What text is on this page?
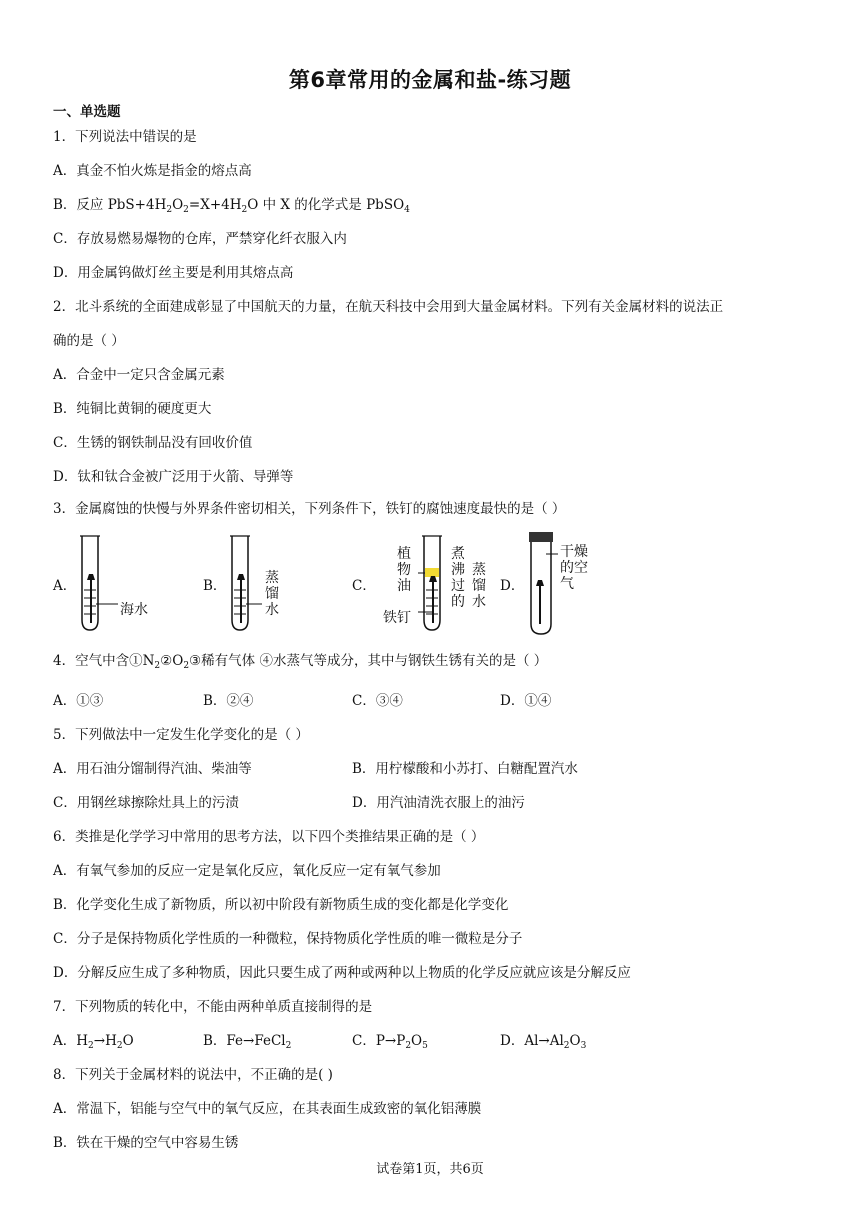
第6章常用的金属和盐-练习题
一、单选题
1．下列说法中错误的是
A．真金不怕火炼是指金的熔点高
B．反应 $PbS+4H_2O_2=X+4H_2O$ 中 X 的化学式是 PbSO$_4$
C．存放易燃易爆物的仓库，严禁穿化纤衣服入内
D．用金属钨做灯丝主要是利用其熔点高
2．北斗系统的全面建成彰显了中国航天的力量，在航天科技中会用到大量金属材料。下列有关金属材料的说法正
确的是（ ）
A．合金中一定只含金属元素
B．纯铜比黄铜的硬度更大
C．生锈的钢铁制品没有回收价值
D．钛和钛合金被广泛用于火箭、导弹等
3．金属腐蚀的快慢与外界条件密切相关，下列条件下，铁钉的腐蚀速度最快的是（ ）
A．	B．	C．	D．
海水
蒸
馏
水
植
物
油
铁钉
煮
沸
过
的
蒸
馏
水
干燥
的空
气
4．空气中含$①N_2②O_2③$稀有气体 ④水蒸气等成分，其中与钢铁生锈有关的是（ ）
A．①③	B．②④	C．③④	D．①④
5．下列做法中一定发生化学变化的是（ ）
A．用石油分馏制得汽油、柴油等	B．用柠檬酸和小苏打、白糖配置汽水
C．用钢丝球擦除灶具上的污渍	D．用汽油清洗衣服上的油污
6．类推是化学学习中常用的思考方法，以下四个类推结果正确的是（ ）
A．有氧气参加的反应一定是氧化反应，氧化反应一定有氧气参加
B．化学变化生成了新物质，所以初中阶段有新物质生成的变化都是化学变化
C．分子是保持物质化学性质的一种微粒，保持物质化学性质的唯一微粒是分子
D．分解反应生成了多种物质，因此只要生成了两种或两种以上物质的化学反应就应该是分解反应
7．下列物质的转化中，不能由两种单质直接制得的是
A．$H_2\to H_2O$	B．Fe→FeCl$_2$	C．$P\to P_2O_5$	D．$Al\to Al_2O_3$
8．下列关于金属材料的说法中，不正确的是( )
A．常温下，铝能与空气中的氧气反应，在其表面生成致密的氧化铝薄膜
B．铁在干燥的空气中容易生锈
试卷第1页，共6页
